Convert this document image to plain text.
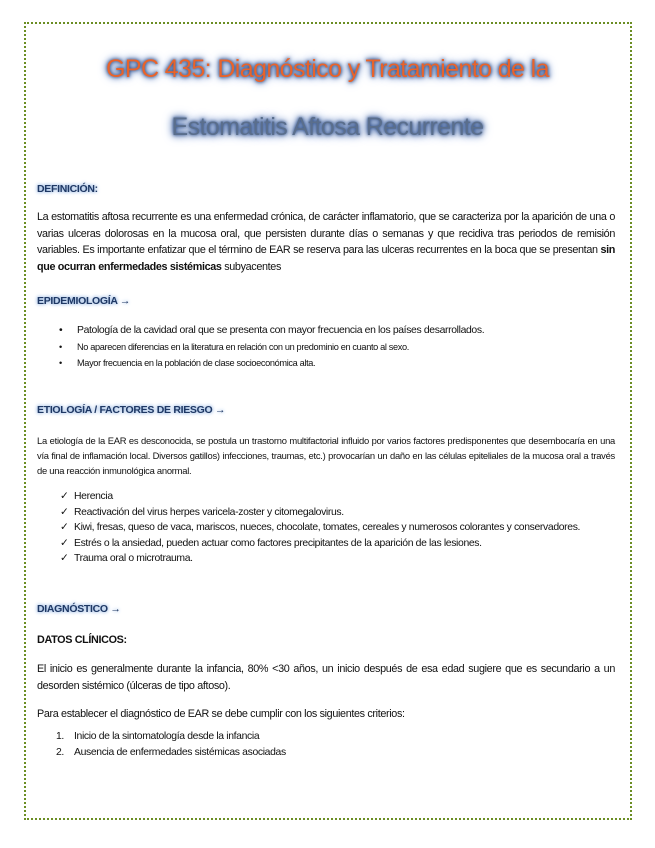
GPC 435: Diagnóstico y Tratamiento de la
Estomatitis Aftosa Recurrente
DEFINICIÓN:
La estomatitis aftosa recurrente es una enfermedad crónica, de carácter inflamatorio, que se caracteriza por la aparición de una o varias ulceras dolorosas en la mucosa oral, que persisten durante días o semanas y que recidiva tras periodos de remisión variables. Es importante enfatizar que el término de EAR se reserva para las ulceras recurrentes en la boca que se presentan sin que ocurran enfermedades sistémicas subyacentes
EPIDEMIOLOGÍA →
• Patología de la cavidad oral que se presenta con mayor frecuencia en los países desarrollados.
• No aparecen diferencias en la literatura en relación con un predominio en cuanto al sexo.
• Mayor frecuencia en la población de clase socioeconómica alta.
ETIOLOGÍA / FACTORES DE RIESGO →
La etiología de la EAR es desconocida, se postula un trastorno multifactorial influido por varios factores predisponentes que desembocaría en una vía final de inflamación local. Diversos gatillos) infecciones, traumas, etc.) provocarían un daño en las células epiteliales de la mucosa oral a través de una reacción inmunológica anormal.
✓ Herencia
✓ Reactivación del virus herpes varicela-zoster y citomegalovirus.
✓ Kiwi, fresas, queso de vaca, mariscos, nueces, chocolate, tomates, cereales y numerosos colorantes y conservadores.
✓ Estrés o la ansiedad, pueden actuar como factores precipitantes de la aparición de las lesiones.
✓ Trauma oral o microtrauma.
DIAGNÓSTICO →
DATOS CLÍNICOS:
El inicio es generalmente durante la infancia, 80% <30 años, un inicio después de esa edad sugiere que es secundario a un desorden sistémico (úlceras de tipo aftoso).
Para establecer el diagnóstico de EAR se debe cumplir con los siguientes criterios:
1. Inicio de la sintomatología desde la infancia
2. Ausencia de enfermedades sistémicas asociadas
